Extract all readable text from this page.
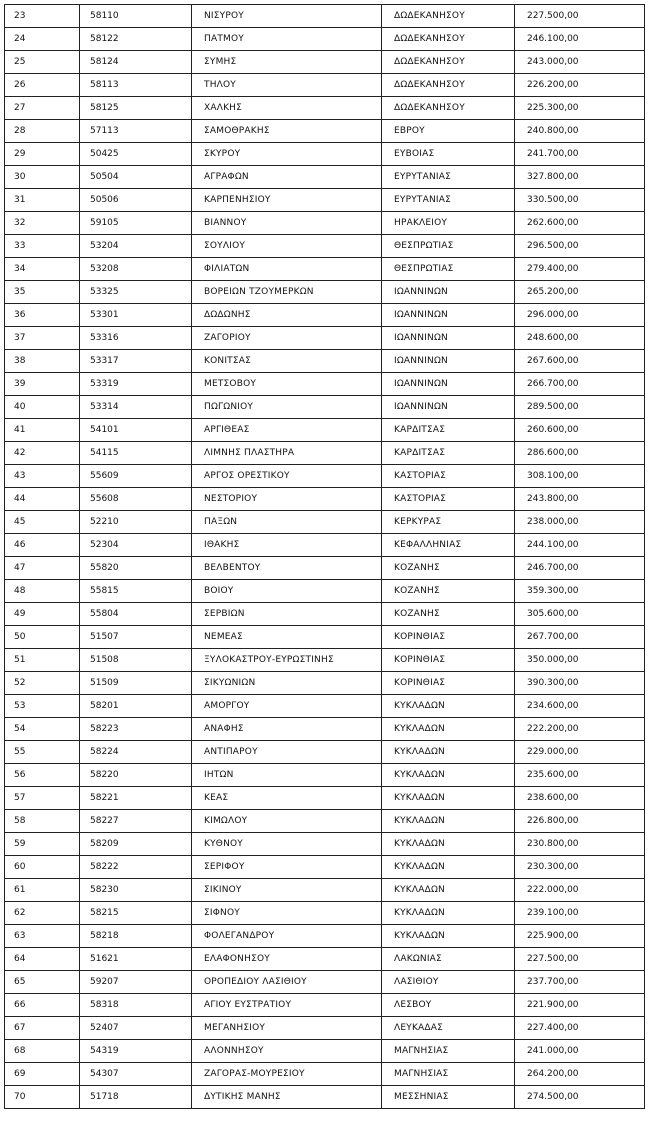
23	58110	ΝΙΣΥΡΟΥ	ΔΩΔΕΚΑΝΗΣΟΥ	227.500,00
24	58122	ΠΑΤΜΟΥ	ΔΩΔΕΚΑΝΗΣΟΥ	246.100,00
25	58124	ΣΥΜΗΣ	ΔΩΔΕΚΑΝΗΣΟΥ	243.000,00
26	58113	ΤΗΛΟΥ	ΔΩΔΕΚΑΝΗΣΟΥ	226.200,00
27	58125	ΧΑΛΚΗΣ	ΔΩΔΕΚΑΝΗΣΟΥ	225.300,00
28	57113	ΣΑΜΟΘΡΑΚΗΣ	ΕΒΡΟΥ	240.800,00
29	50425	ΣΚΥΡΟΥ	ΕΥΒΟΙΑΣ	241.700,00
30	50504	ΑΓΡΑΦΩΝ	ΕΥΡΥΤΑΝΙΑΣ	327.800,00
31	50506	ΚΑΡΠΕΝΗΣΙΟΥ	ΕΥΡΥΤΑΝΙΑΣ	330.500,00
32	59105	ΒΙΑΝΝΟΥ	ΗΡΑΚΛΕΙΟΥ	262.600,00
33	53204	ΣΟΥΛΙΟΥ	ΘΕΣΠΡΩΤΙΑΣ	296.500,00
34	53208	ΦΙΛΙΑΤΩΝ	ΘΕΣΠΡΩΤΙΑΣ	279.400,00
35	53325	ΒΟΡΕΙΩΝ ΤΖΟΥΜΕΡΚΩΝ	ΙΩΑΝΝΙΝΩΝ	265.200,00
36	53301	ΔΩΔΩΝΗΣ	ΙΩΑΝΝΙΝΩΝ	296.000,00
37	53316	ΖΑΓΟΡΙΟΥ	ΙΩΑΝΝΙΝΩΝ	248.600,00
38	53317	ΚΟΝΙΤΣΑΣ	ΙΩΑΝΝΙΝΩΝ	267.600,00
39	53319	ΜΕΤΣΟΒΟΥ	ΙΩΑΝΝΙΝΩΝ	266.700,00
40	53314	ΠΩΓΩΝΙΟΥ	ΙΩΑΝΝΙΝΩΝ	289.500,00
41	54101	ΑΡΓΙΘΕΑΣ	ΚΑΡΔΙΤΣΑΣ	260.600,00
42	54115	ΛΙΜΝΗΣ ΠΛΑΣΤΗΡΑ	ΚΑΡΔΙΤΣΑΣ	286.600,00
43	55609	ΑΡΓΟΣ ΟΡΕΣΤΙΚΟΥ	ΚΑΣΤΟΡΙΑΣ	308.100,00
44	55608	ΝΕΣΤΟΡΙΟΥ	ΚΑΣΤΟΡΙΑΣ	243.800,00
45	52210	ΠΑΞΩΝ	ΚΕΡΚΥΡΑΣ	238.000,00
46	52304	ΙΘΑΚΗΣ	ΚΕΦΑΛΛΗΝΙΑΣ	244.100,00
47	55820	ΒΕΛΒΕΝΤΟΥ	ΚΟΖΑΝΗΣ	246.700,00
48	55815	ΒΟΙΟΥ	ΚΟΖΑΝΗΣ	359.300,00
49	55804	ΣΕΡΒΙΩΝ	ΚΟΖΑΝΗΣ	305.600,00
50	51507	ΝΕΜΕΑΣ	ΚΟΡΙΝΘΙΑΣ	267.700,00
51	51508	ΞΥΛΟΚΑΣΤΡΟΥ-ΕΥΡΩΣΤΙΝΗΣ	ΚΟΡΙΝΘΙΑΣ	350.000,00
52	51509	ΣΙΚΥΩΝΙΩΝ	ΚΟΡΙΝΘΙΑΣ	390.300,00
53	58201	ΑΜΟΡΓΟΥ	ΚΥΚΛΑΔΩΝ	234.600,00
54	58223	ΑΝΑΦΗΣ	ΚΥΚΛΑΔΩΝ	222.200,00
55	58224	ΑΝΤΙΠΑΡΟΥ	ΚΥΚΛΑΔΩΝ	229.000,00
56	58220	ΙΗΤΩΝ	ΚΥΚΛΑΔΩΝ	235.600,00
57	58221	ΚΕΑΣ	ΚΥΚΛΑΔΩΝ	238.600,00
58	58227	ΚΙΜΩΛΟΥ	ΚΥΚΛΑΔΩΝ	226.800,00
59	58209	ΚΥΘΝΟΥ	ΚΥΚΛΑΔΩΝ	230.800,00
60	58222	ΣΕΡΙΦΟΥ	ΚΥΚΛΑΔΩΝ	230.300,00
61	58230	ΣΙΚΙΝΟΥ	ΚΥΚΛΑΔΩΝ	222.000,00
62	58215	ΣΙΦΝΟΥ	ΚΥΚΛΑΔΩΝ	239.100,00
63	58218	ΦΟΛΕΓΑΝΔΡΟΥ	ΚΥΚΛΑΔΩΝ	225.900,00
64	51621	ΕΛΑΦΟΝΗΣΟΥ	ΛΑΚΩΝΙΑΣ	227.500,00
65	59207	ΟΡΟΠΕΔΙΟΥ ΛΑΣΙΘΙΟΥ	ΛΑΣΙΘΙΟΥ	237.700,00
66	58318	ΑΓΙΟΥ ΕΥΣΤΡΑΤΙΟΥ	ΛΕΣΒΟΥ	221.900,00
67	52407	ΜΕΓΑΝΗΣΙΟΥ	ΛΕΥΚΑΔΑΣ	227.400,00
68	54319	ΑΛΟΝΝΗΣΟΥ	ΜΑΓΝΗΣΙΑΣ	241.000,00
69	54307	ΖΑΓΟΡΑΣ-ΜΟΥΡΕΣΙΟΥ	ΜΑΓΝΗΣΙΑΣ	264.200,00
70	51718	ΔΥΤΙΚΗΣ ΜΑΝΗΣ	ΜΕΣΣΗΝΙΑΣ	274.500,00
